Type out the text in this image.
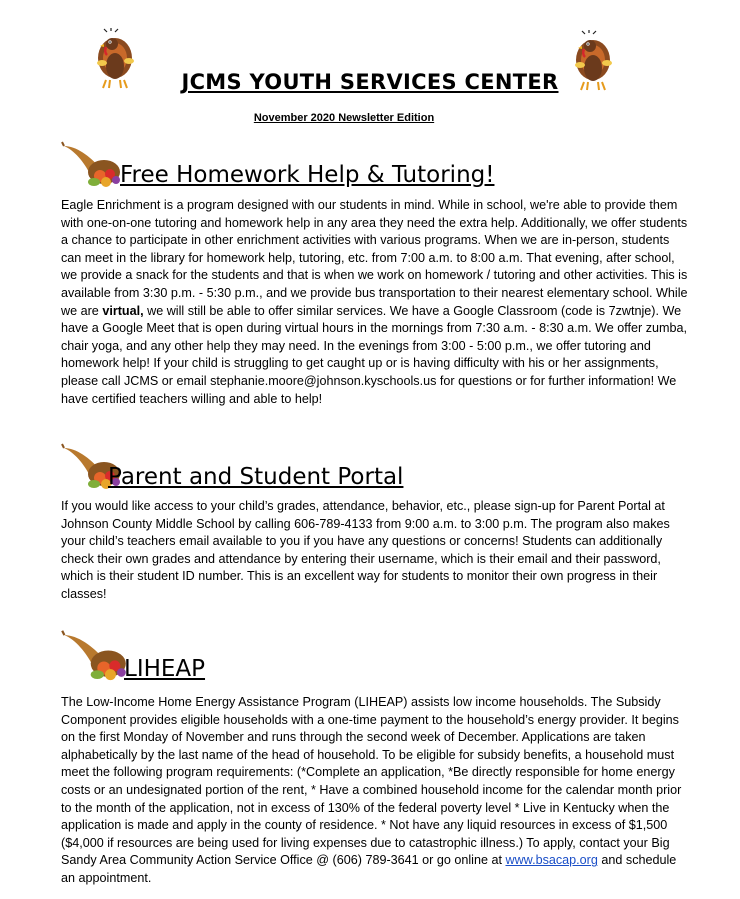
JCMS YOUTH SERVICES CENTER
November 2020 Newsletter Edition
Free Homework Help & Tutoring!

Eagle Enrichment is a program designed with our students in mind. While in school, we're able to provide them with one-on-one tutoring and homework help in any area they need the extra help. Additionally, we offer students a chance to participate in other enrichment activities with various programs. When we are in-person, students can meet in the library for homework help, tutoring, etc. from 7:00 a.m. to 8:00 a.m. That evening, after school, we provide a snack for the students and that is when we work on homework / tutoring and other activities. This is available from 3:30 p.m. - 5:30 p.m., and we provide bus transportation to their nearest elementary school. While we are virtual, we will still be able to offer similar services. We have a Google Classroom (code is 7zwtnje). We have a Google Meet that is open during virtual hours in the mornings from 7:30 a.m. - 8:30 a.m. We offer zumba, chair yoga, and any other help they may need. In the evenings from 3:00 - 5:00 p.m., we offer tutoring and homework help! If your child is struggling to get caught up or is having difficulty with his or her assignments, please call JCMS or email stephanie.moore@johnson.kyschools.us for questions or for further information! We have certified teachers willing and able to help!

Parent and Student Portal

If you would like access to your child’s grades, attendance, behavior, etc., please sign-up for Parent Portal at Johnson County Middle School by calling 606-789-4133 from 9:00 a.m. to 3:00 p.m. The program also makes your child’s teachers email available to you if you have any questions or concerns! Students can additionally check their own grades and attendance by entering their username, which is their email and their password, which is their student ID number. This is an excellent way for students to monitor their own progress in their classes!

LIHEAP

The Low-Income Home Energy Assistance Program (LIHEAP) assists low income households. The Subsidy Component provides eligible households with a one-time payment to the household’s energy provider. It begins on the first Monday of November and runs through the second week of December. Applications are taken alphabetically by the last name of the head of household. To be eligible for subsidy benefits, a household must meet the following program requirements: (*Complete an application, *Be directly responsible for home energy costs or an undesignated portion of the rent, * Have a combined household income for the calendar month prior to the month of the application, not in excess of 130% of the federal poverty level * Live in Kentucky when the application is made and apply in the county of residence. * Not have any liquid resources in excess of $1,500 ($4,000 if resources are being used for living expenses due to catastrophic illness.) To apply, contact your Big Sandy Area Community Action Service Office @ (606) 789-3641 or go online at www.bsacap.org and schedule an appointment.
